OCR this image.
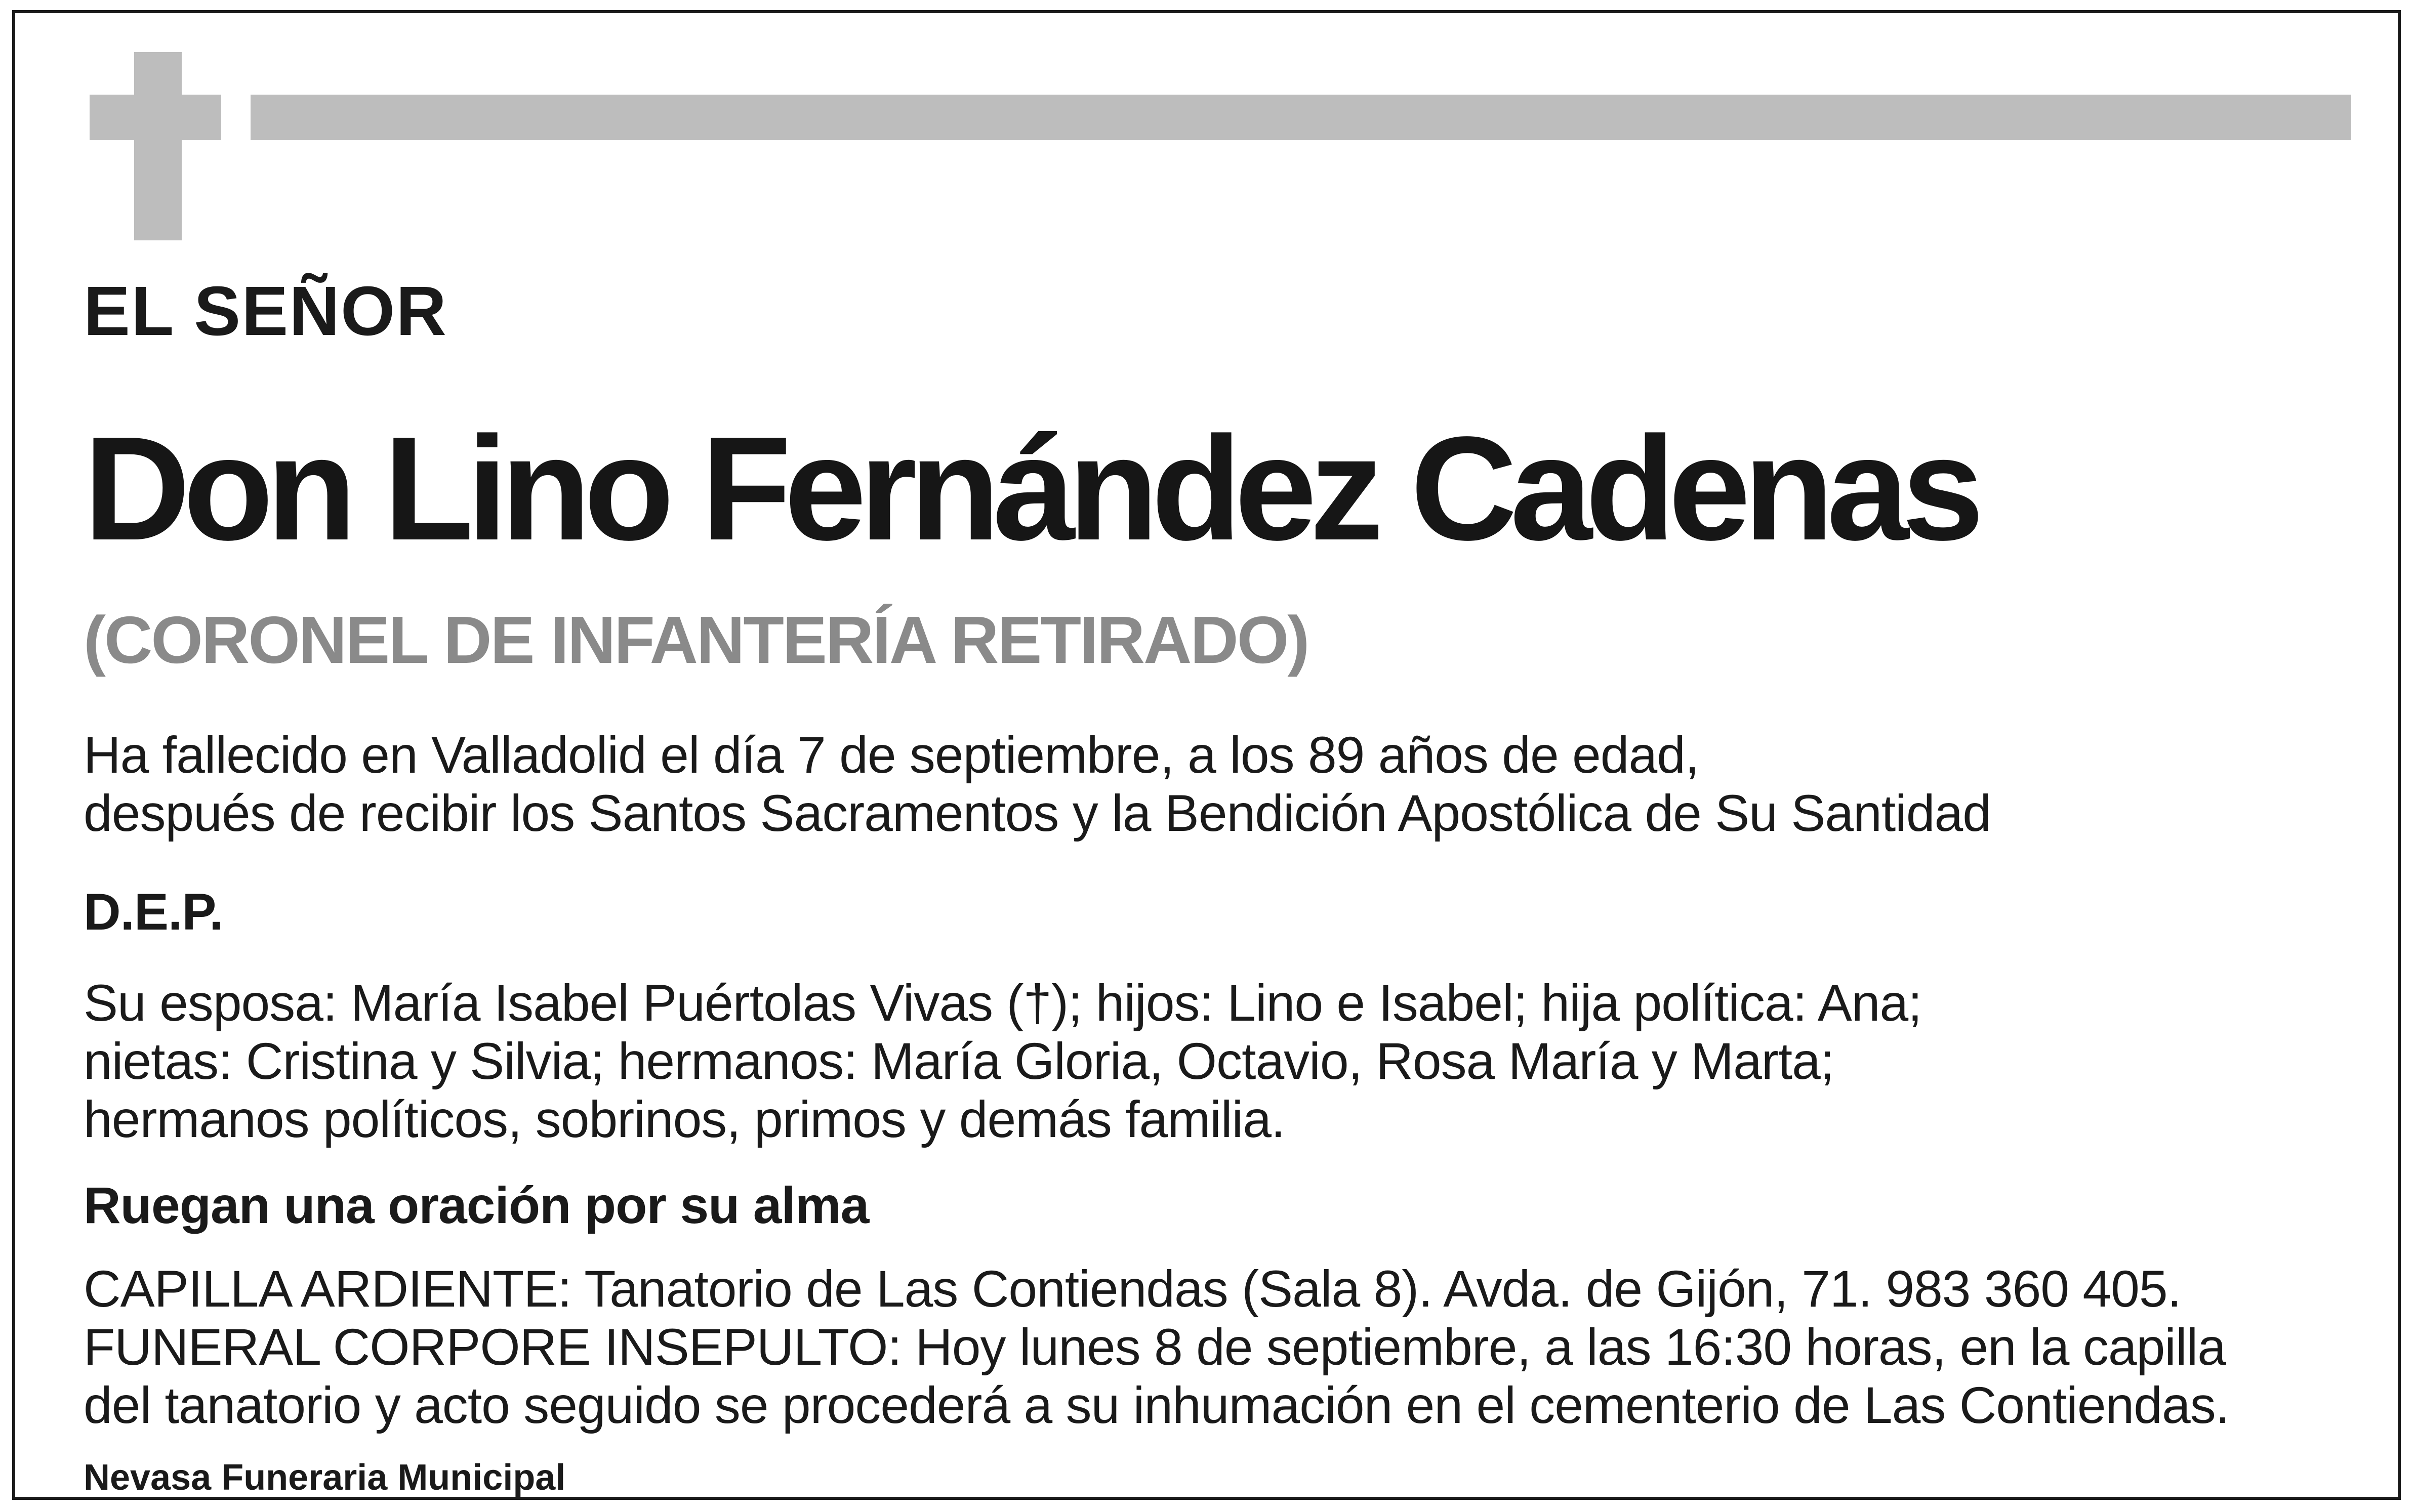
EL SEÑOR

Don Lino Fernández Cadenas

(CORONEL DE INFANTERÍA RETIRADO)

Ha fallecido en Valladolid el día 7 de septiembre, a los 89 años de edad,

después de recibir los Santos Sacramentos y la Bendición Apostólica de Su Santidad

D.E.P.

Su esposa: María Isabel Puértolas Vivas (†); hijos: Lino e Isabel; hija política: Ana;

nietas: Cristina y Silvia; hermanos: María Gloria, Octavio, Rosa María y Marta;

hermanos políticos, sobrinos, primos y demás familia.

Ruegan una oración por su alma

CAPILLA ARDIENTE: Tanatorio de Las Contiendas (Sala 8). Avda. de Gijón, 71. 983 360 405.

FUNERAL CORPORE INSEPULTO: Hoy lunes 8 de septiembre, a las 16:30 horas, en la capilla

del tanatorio y acto seguido se procederá a su inhumación en el cementerio de Las Contiendas.

Nevasa Funeraria Municipal
